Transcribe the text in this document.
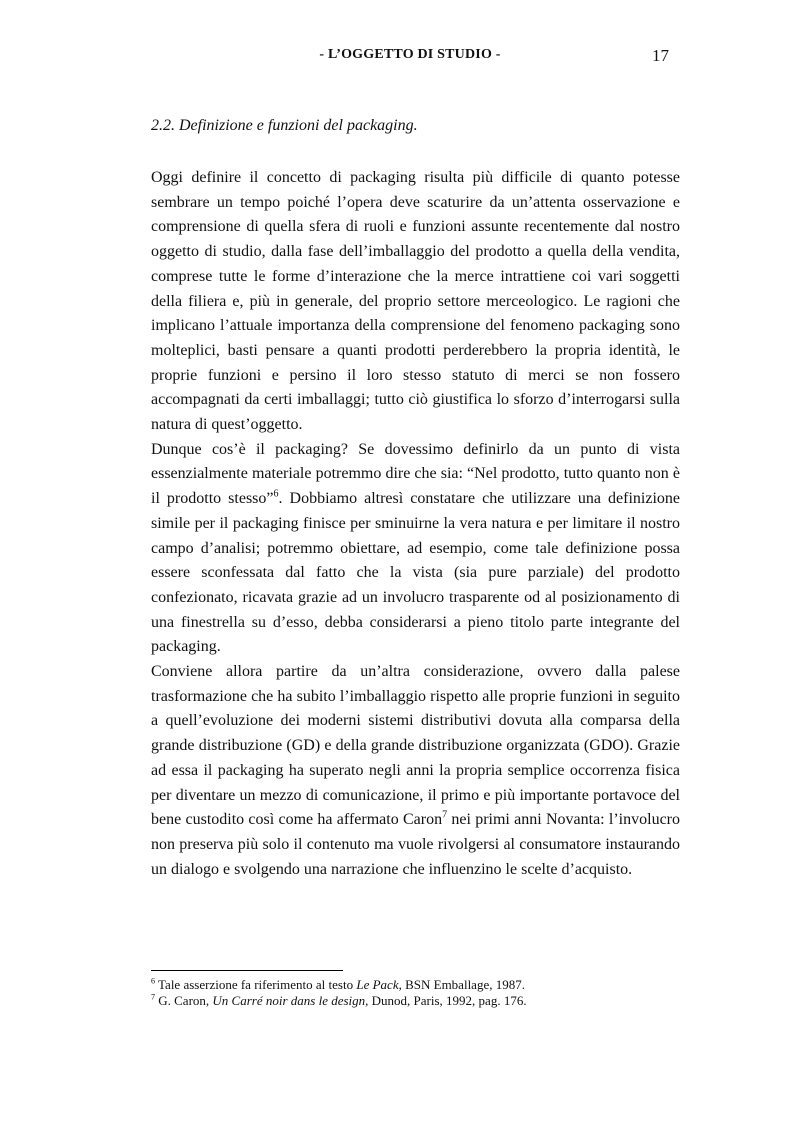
- L’OGGETTO DI STUDIO -	17
2.2. Definizione e funzioni del packaging.

Oggi definire il concetto di packaging risulta più difficile di quanto potesse sembrare un tempo poiché l’opera deve scaturire da un’attenta osservazione e comprensione di quella sfera di ruoli e funzioni assunte recentemente dal nostro oggetto di studio, dalla fase dell’imballaggio del prodotto a quella della vendita, comprese tutte le forme d’interazione che la merce intrattiene coi vari soggetti della filiera e, più in generale, del proprio settore merceologico. Le ragioni che implicano l’attuale importanza della comprensione del fenomeno packaging sono molteplici, basti pensare a quanti prodotti perderebbero la propria identità, le proprie funzioni e persino il loro stesso statuto di merci se non fossero accompagnati da certi imballaggi; tutto ciò giustifica lo sforzo d’interrogarsi sulla natura di quest’oggetto.

Dunque cos’è il packaging? Se dovessimo definirlo da un punto di vista essenzialmente materiale potremmo dire che sia: “Nel prodotto, tutto quanto non è il prodotto stesso”$^6$. Dobbiamo altresì constatare che utilizzare una definizione simile per il packaging finisce per sminuirne la vera natura e per limitare il nostro campo d’analisi; potremmo obiettare, ad esempio, come tale definizione possa essere sconfessata dal fatto che la vista (sia pure parziale) del prodotto confezionato, ricavata grazie ad un involucro trasparente od al posizionamento di una finestrella su d’esso, debba considerarsi a pieno titolo parte integrante del packaging.

Conviene allora partire da un’altra considerazione, ovvero dalla palese trasformazione che ha subito l’imballaggio rispetto alle proprie funzioni in seguito a quell’evoluzione dei moderni sistemi distributivi dovuta alla comparsa della grande distribuzione (GD) e della grande distribuzione organizzata (GDO). Grazie ad essa il packaging ha superato negli anni la propria semplice occorrenza fisica per diventare un mezzo di comunicazione, il primo e più importante portavoce del bene custodito così come ha affermato Caron$^7$ nei primi anni Novanta: l’involucro non preserva più solo il contenuto ma vuole rivolgersi al consumatore instaurando un dialogo e svolgendo una narrazione che influenzino le scelte d’acquisto.

$^6$ Tale asserzione fa riferimento al testo Le Pack, BSN Emballage, 1987.
$^7$ G. Caron, Un Carré noir dans le design, Dunod, Paris, 1992, pag. 176.
